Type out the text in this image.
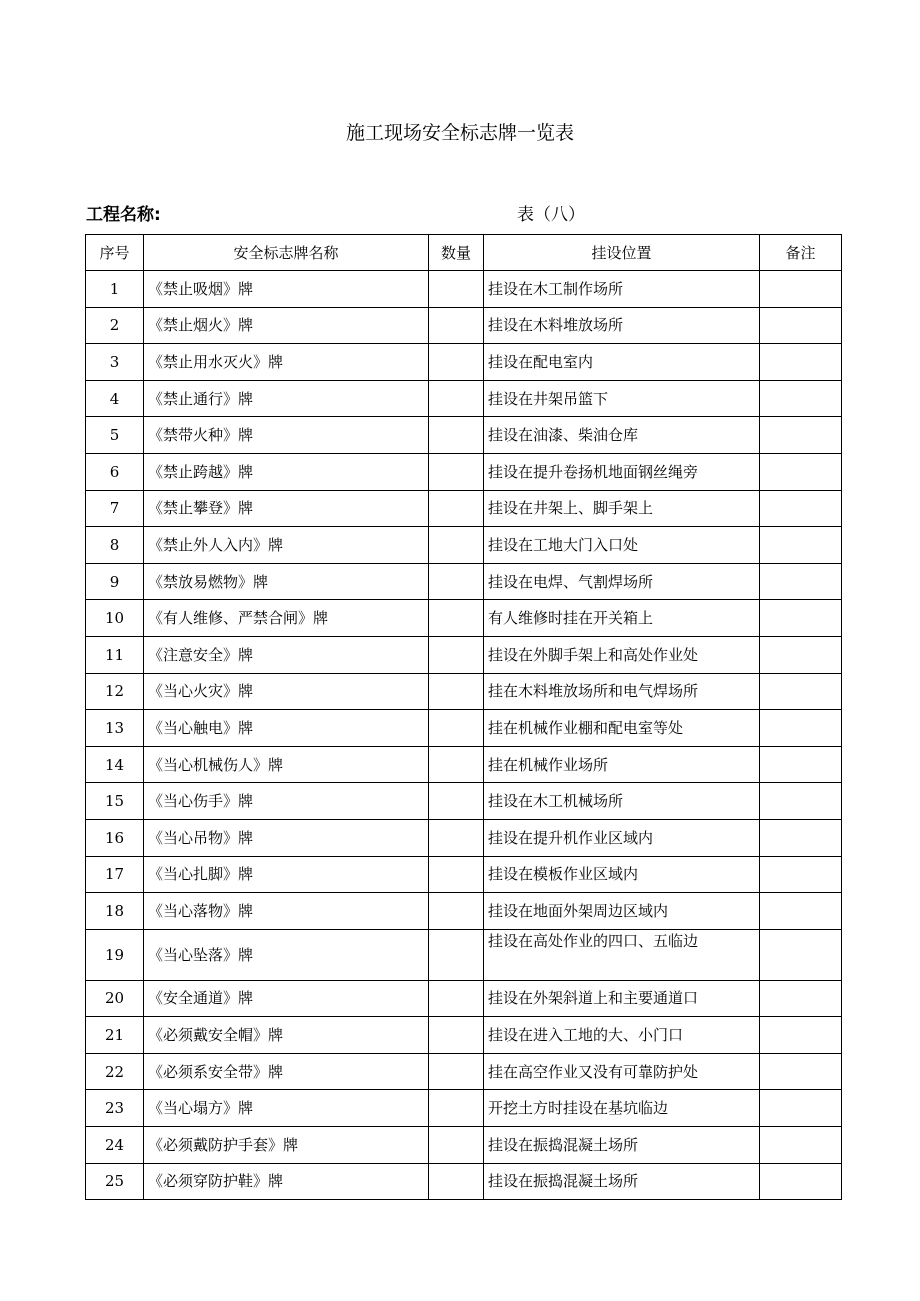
施工现场安全标志牌一览表
工程名称:	表（八）
序号	安全标志牌名称	数量	挂设位置	备注
1	《禁止吸烟》牌		挂设在木工制作场所	
2	《禁止烟火》牌		挂设在木料堆放场所	
3	《禁止用水灭火》牌		挂设在配电室内	
4	《禁止通行》牌		挂设在井架吊篮下	
5	《禁带火种》牌		挂设在油漆、柴油仓库	
6	《禁止跨越》牌		挂设在提升卷扬机地面钢丝绳旁	
7	《禁止攀登》牌		挂设在井架上、脚手架上	
8	《禁止外人入内》牌		挂设在工地大门入口处	
9	《禁放易燃物》牌		挂设在电焊、气割焊场所	
10	《有人维修、严禁合闸》牌		有人维修时挂在开关箱上	
11	《注意安全》牌		挂设在外脚手架上和高处作业处	
12	《当心火灾》牌		挂在木料堆放场所和电气焊场所	
13	《当心触电》牌		挂在机械作业棚和配电室等处	
14	《当心机械伤人》牌		挂在机械作业场所	
15	《当心伤手》牌		挂设在木工机械场所	
16	《当心吊物》牌		挂设在提升机作业区域内	
17	《当心扎脚》牌		挂设在模板作业区域内	
18	《当心落物》牌		挂设在地面外架周边区域内	
19	《当心坠落》牌		挂设在高处作业的四口、五临边	
20	《安全通道》牌		挂设在外架斜道上和主要通道口	
21	《必须戴安全帽》牌		挂设在进入工地的大、小门口	
22	《必须系安全带》牌		挂在高空作业又没有可靠防护处	
23	《当心塌方》牌		开挖土方时挂设在基坑临边	
24	《必须戴防护手套》牌		挂设在振捣混凝土场所	
25	《必须穿防护鞋》牌		挂设在振捣混凝土场所	
